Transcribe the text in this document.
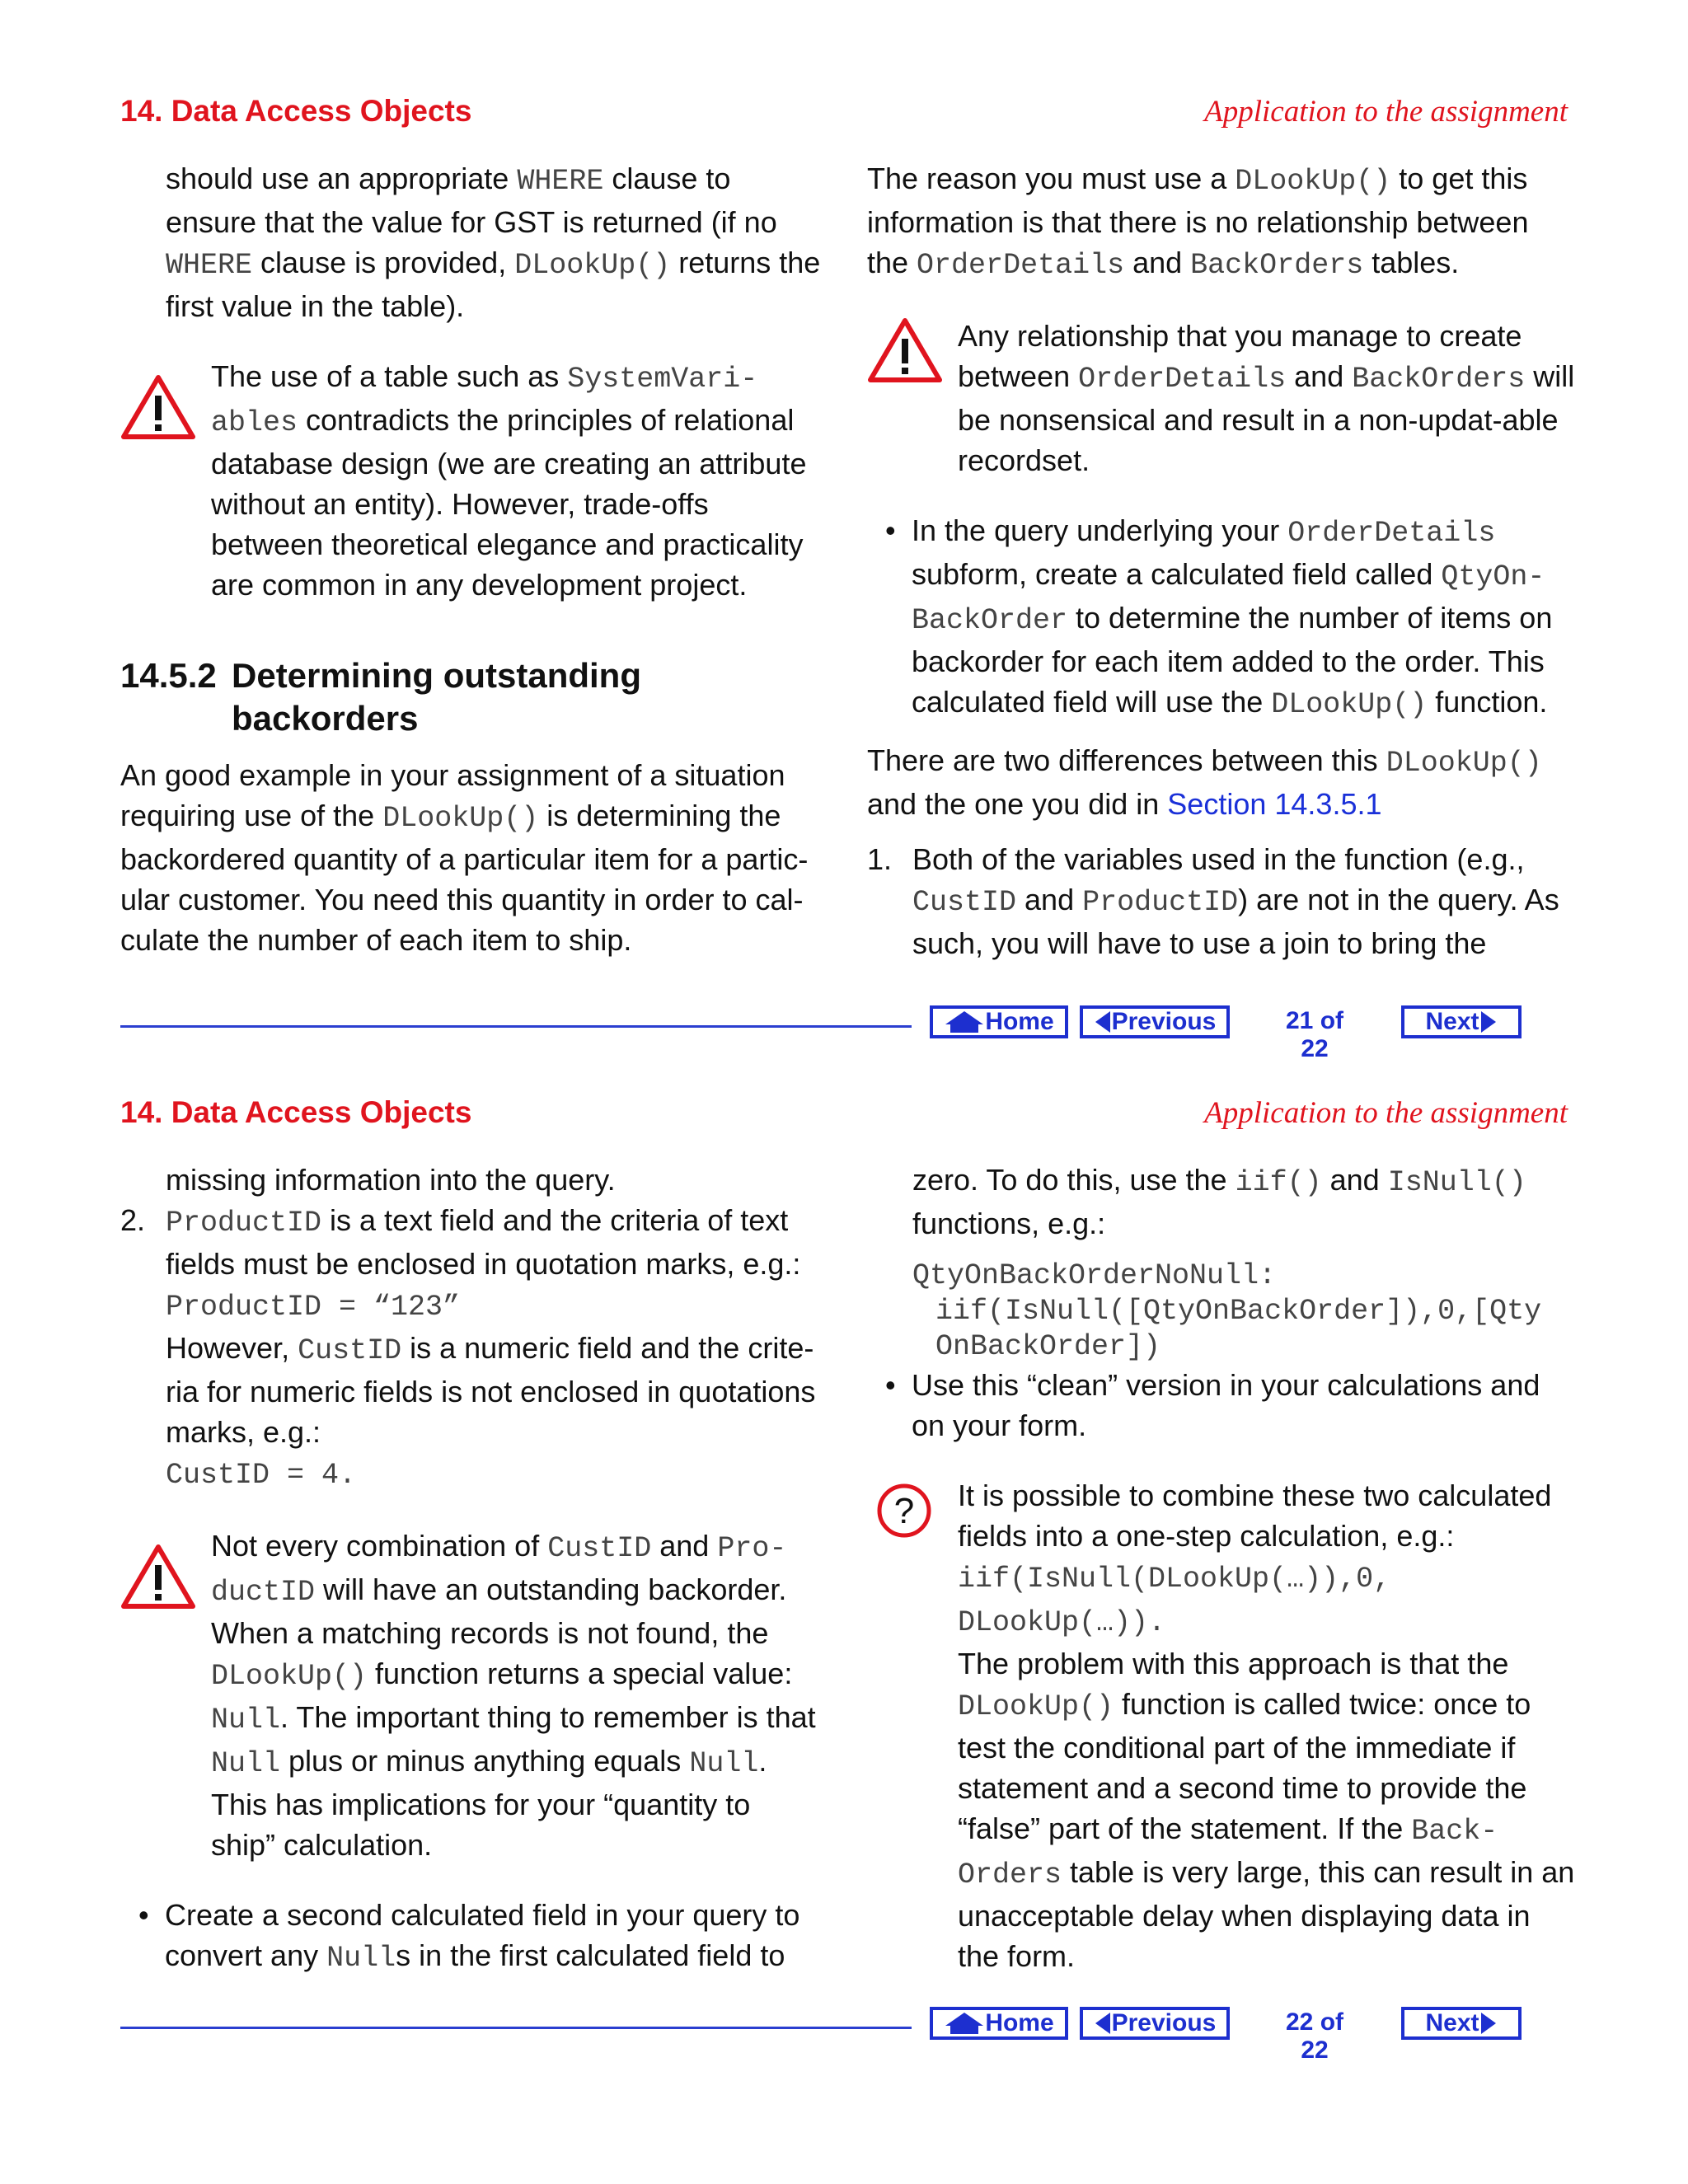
14. Data Access Objects	Application to the assignment

should use an appropriate WHERE clause to ensure that the value for GST is returned (if no WHERE clause is provided, DLookUp() returns the first value in the table).

The use of a table such as SystemVari-ables contradicts the principles of relational database design (we are creating an attribute without an entity). However, trade-offs between theoretical elegance and practicality are common in any development project.
14.5.2 Determining outstanding backorders

An good example in your assignment of a situation requiring use of the DLookUp() is determining the backordered quantity of a particular item for a partic-ular customer. You need this quantity in order to cal-culate the number of each item to ship.

The reason you must use a DLookUp() to get this information is that there is no relationship between the OrderDetails and BackOrders tables.

Any relationship that you manage to create between OrderDetails and BackOrders will be nonsensical and result in a non-updat-able recordset.
• In the query underlying your OrderDetails subform, create a calculated field called QtyOn-BackOrder to determine the number of items on backorder for each item added to the order. This calculated field will use the DLookUp() function.

There are two differences between this DLookUp() and the one you did in Section 14.3.5.1

1. Both of the variables used in the function (e.g., CustID and ProductID) are not in the query. As such, you will have to use a join to bring the
Home Previous	21 of 22
Next
14. Data Access Objects	Application to the assignment

missing information into the query.

2. ProductID is a text field and the criteria of text fields must be enclosed in quotation marks, e.g.:
ProductID = “123”
However, CustID is a numeric field and the crite-ria for numeric fields is not enclosed in quotations marks, e.g.:
CustID = 4.
Not every combination of CustID and Pro-ductID will have an outstanding backorder. When a matching records is not found, the DLookUp() function returns a special value: Null. The important thing to remember is that Null plus or minus anything equals Null. This has implications for your “quantity to ship” calculation.
• Create a second calculated field in your query to convert any Nulls in the first calculated field to

zero. To do this, use the iif() and IsNull() functions, e.g.:

QtyOnBackOrderNoNull:
iif(IsNull([QtyOnBackOrder]),0,[Qty
OnBackOrder])
• Use this “clean” version in your calculations and on your form.
? It is possible to combine these two calculated fields into a one-step calculation, e.g.:
iif(IsNull(DLookUp(…)),0, DLookUp(…)).
The problem with this approach is that the DLookUp() function is called twice: once to test the conditional part of the immediate if statement and a second time to provide the “false” part of the statement. If the Back-Orders table is very large, this can result in an unacceptable delay when displaying data in the form.
Home Previous	22 of 22
Next
